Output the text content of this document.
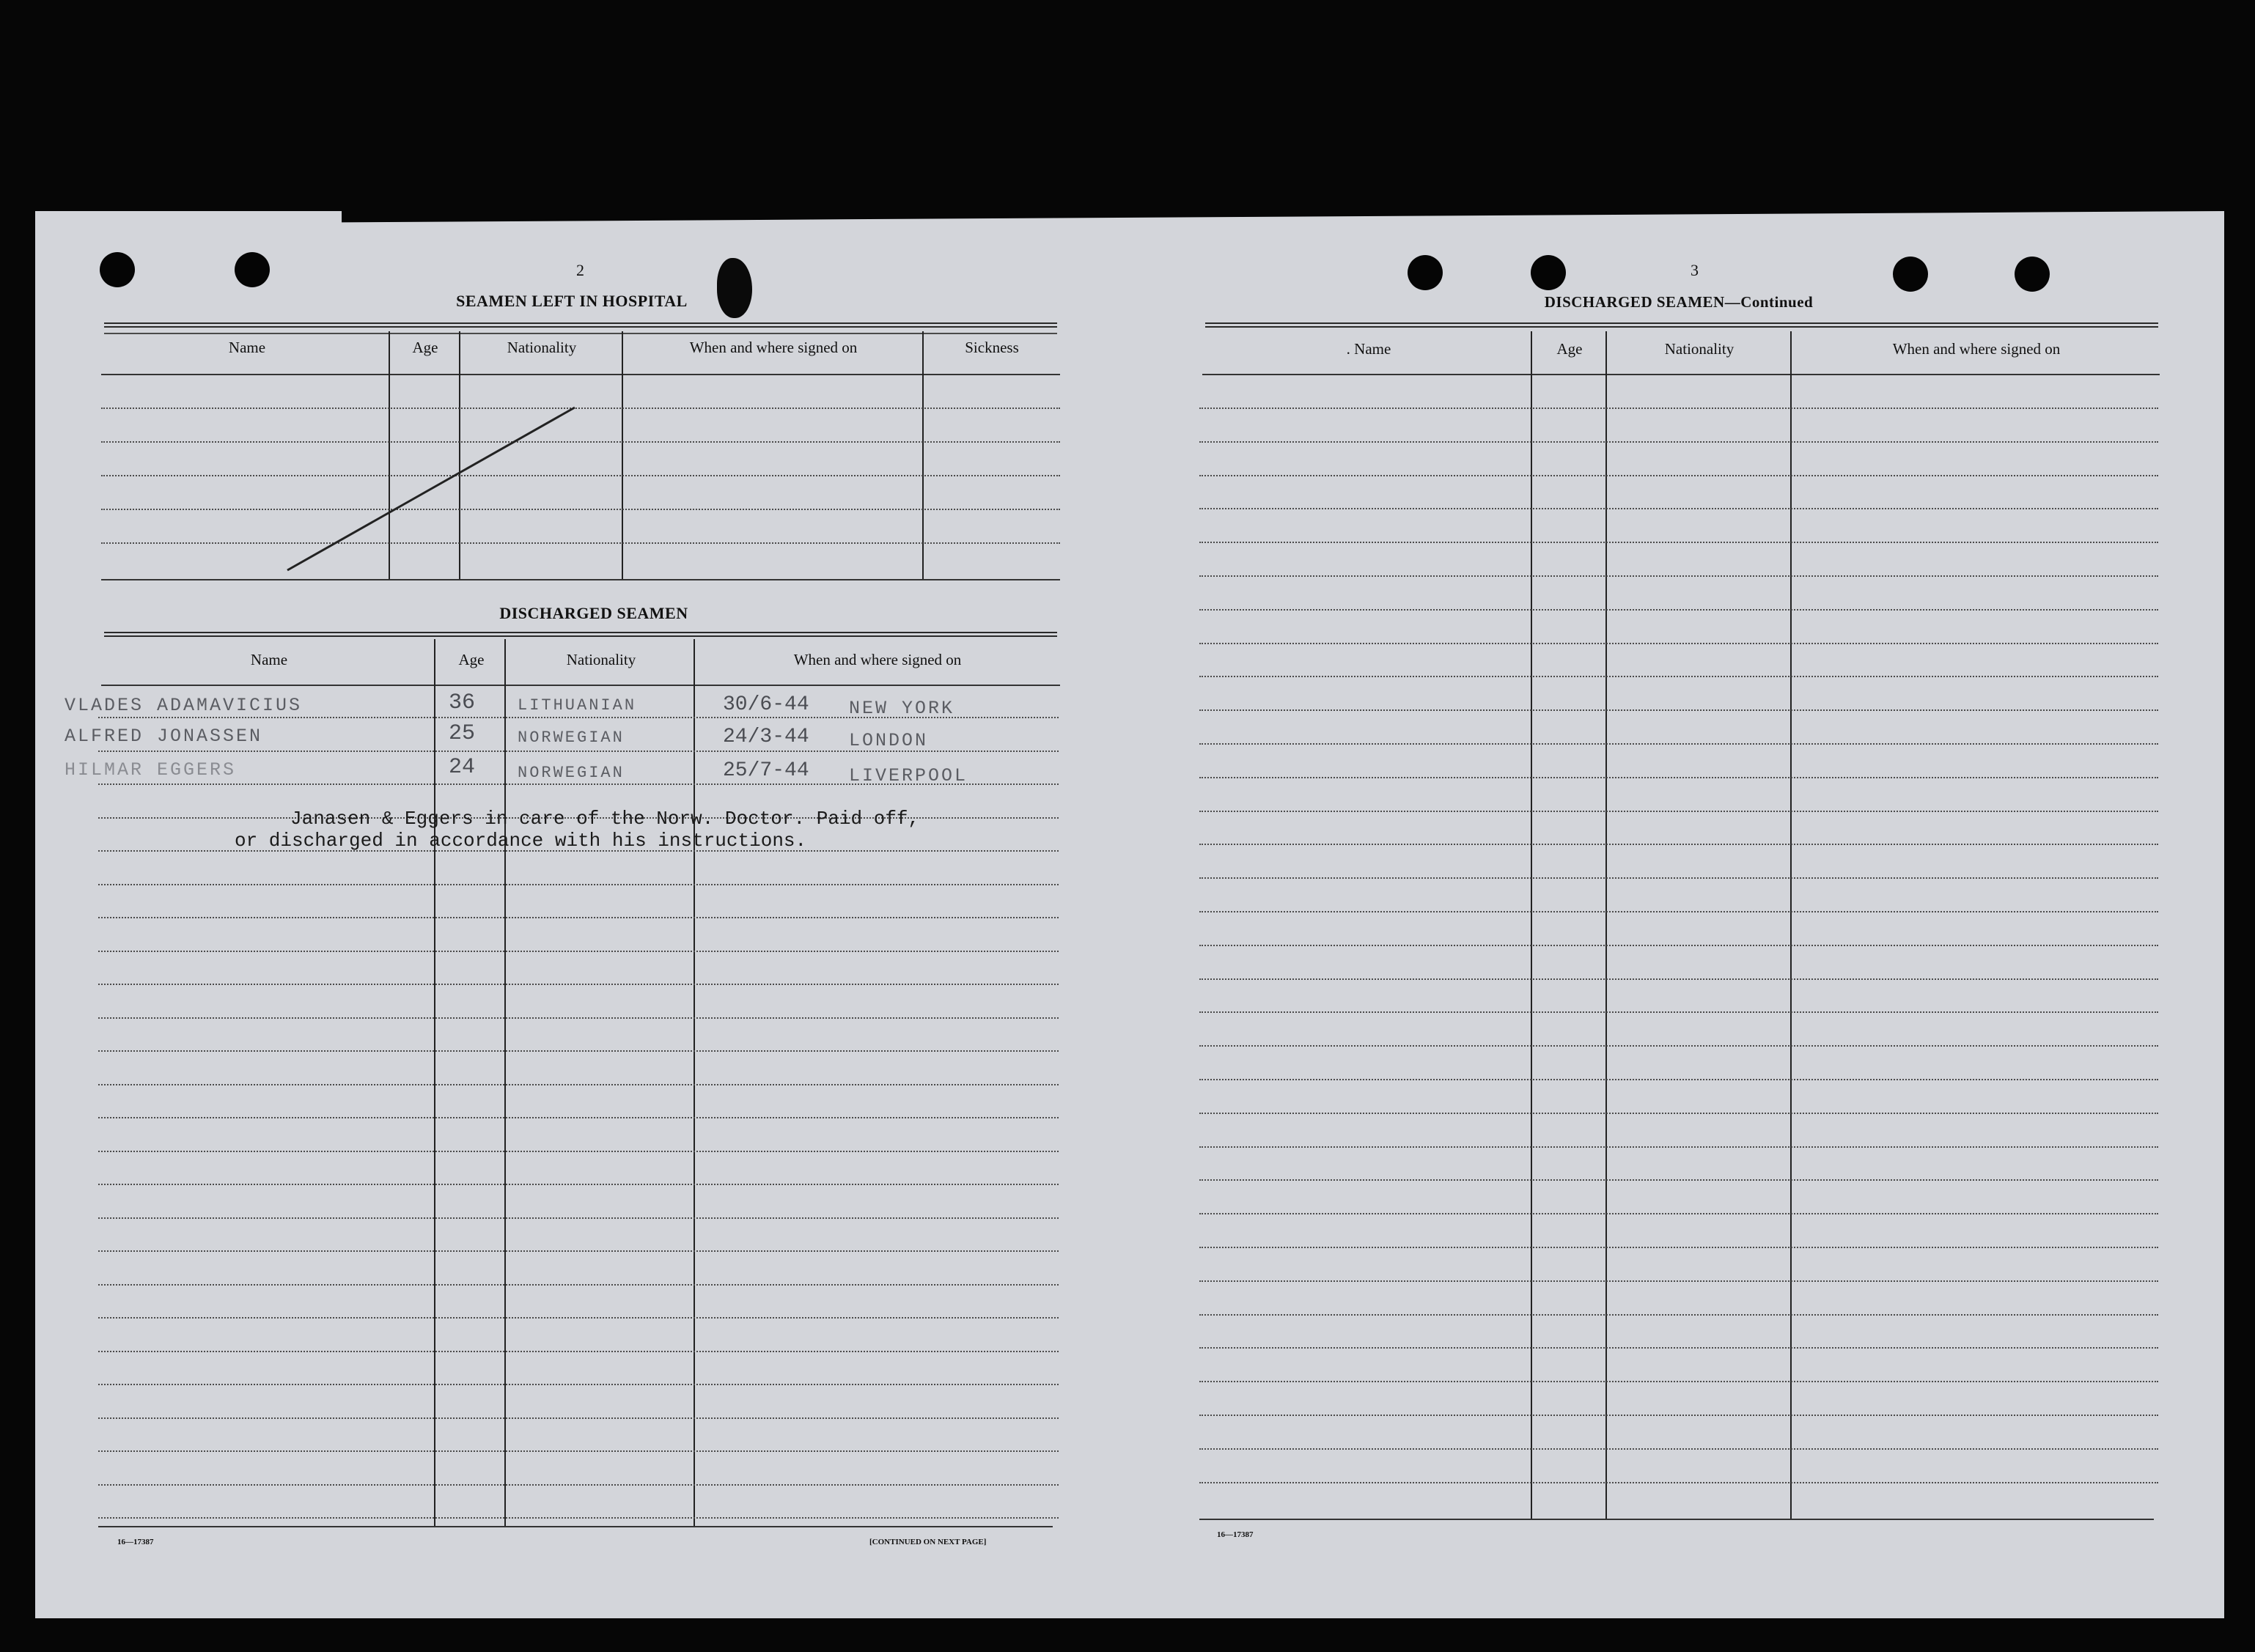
2
SEAMEN LEFT IN HOSPITAL
Name	Age	Nationality	When and where signed on	Sickness
DISCHARGED SEAMEN
Name	Age	Nationality	When and where signed on
VLADES ADAMAVICIUS	36	LITHUANIAN	30/6-44 NEW YORK
ALFRED JONASSEN	25	NORWEGIAN	24/3-44 LONDON
HILMAR EGGERS	24	NORWEGIAN	25/7-44 LIVERPOOL
Janasen & Eggers in care of the Norw. Doctor. Paid off,
or discharged in accordance with his instructions.
16—17387	[CONTINUED ON NEXT PAGE]
3
DISCHARGED SEAMEN—Continued
. Name	Age	Nationality	When and where signed on
16—17387
